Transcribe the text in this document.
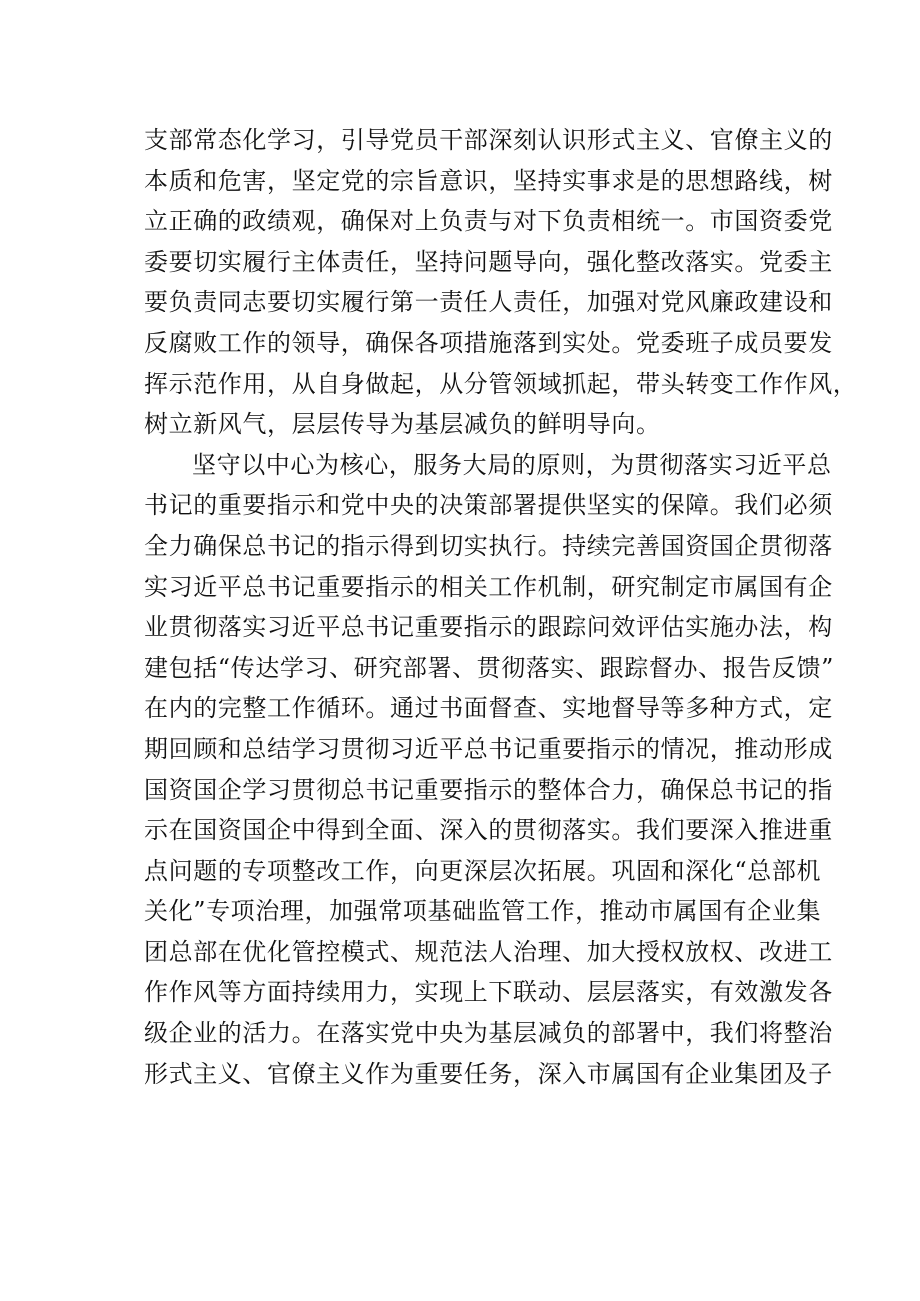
支部常态化学习，引导党员干部深刻认识形式主义、官僚主义的
本质和危害，坚定党的宗旨意识，坚持实事求是的思想路线，树
立正确的政绩观，确保对上负责与对下负责相统一。市国资委党
委要切实履行主体责任，坚持问题导向，强化整改落实。党委主
要负责同志要切实履行第一责任人责任，加强对党风廉政建设和
反腐败工作的领导，确保各项措施落到实处。党委班子成员要发
挥示范作用，从自身做起，从分管领域抓起，带头转变工作作风，
树立新风气，层层传导为基层减负的鲜明导向。
坚守以中心为核心，服务大局的原则，为贯彻落实习近平总
书记的重要指示和党中央的决策部署提供坚实的保障。我们必须
全力确保总书记的指示得到切实执行。持续完善国资国企贯彻落
实习近平总书记重要指示的相关工作机制，研究制定市属国有企
业贯彻落实习近平总书记重要指示的跟踪问效评估实施办法，构
建包括“传达学习、研究部署、贯彻落实、跟踪督办、报告反馈”
在内的完整工作循环。通过书面督查、实地督导等多种方式，定
期回顾和总结学习贯彻习近平总书记重要指示的情况，推动形成
国资国企学习贯彻总书记重要指示的整体合力，确保总书记的指
示在国资国企中得到全面、深入的贯彻落实。我们要深入推进重
点问题的专项整改工作，向更深层次拓展。巩固和深化“总部机
关化”专项治理，加强常项基础监管工作，推动市属国有企业集
团总部在优化管控模式、规范法人治理、加大授权放权、改进工
作作风等方面持续用力，实现上下联动、层层落实，有效激发各
级企业的活力。在落实党中央为基层减负的部署中，我们将整治
形式主义、官僚主义作为重要任务，深入市属国有企业集团及子
